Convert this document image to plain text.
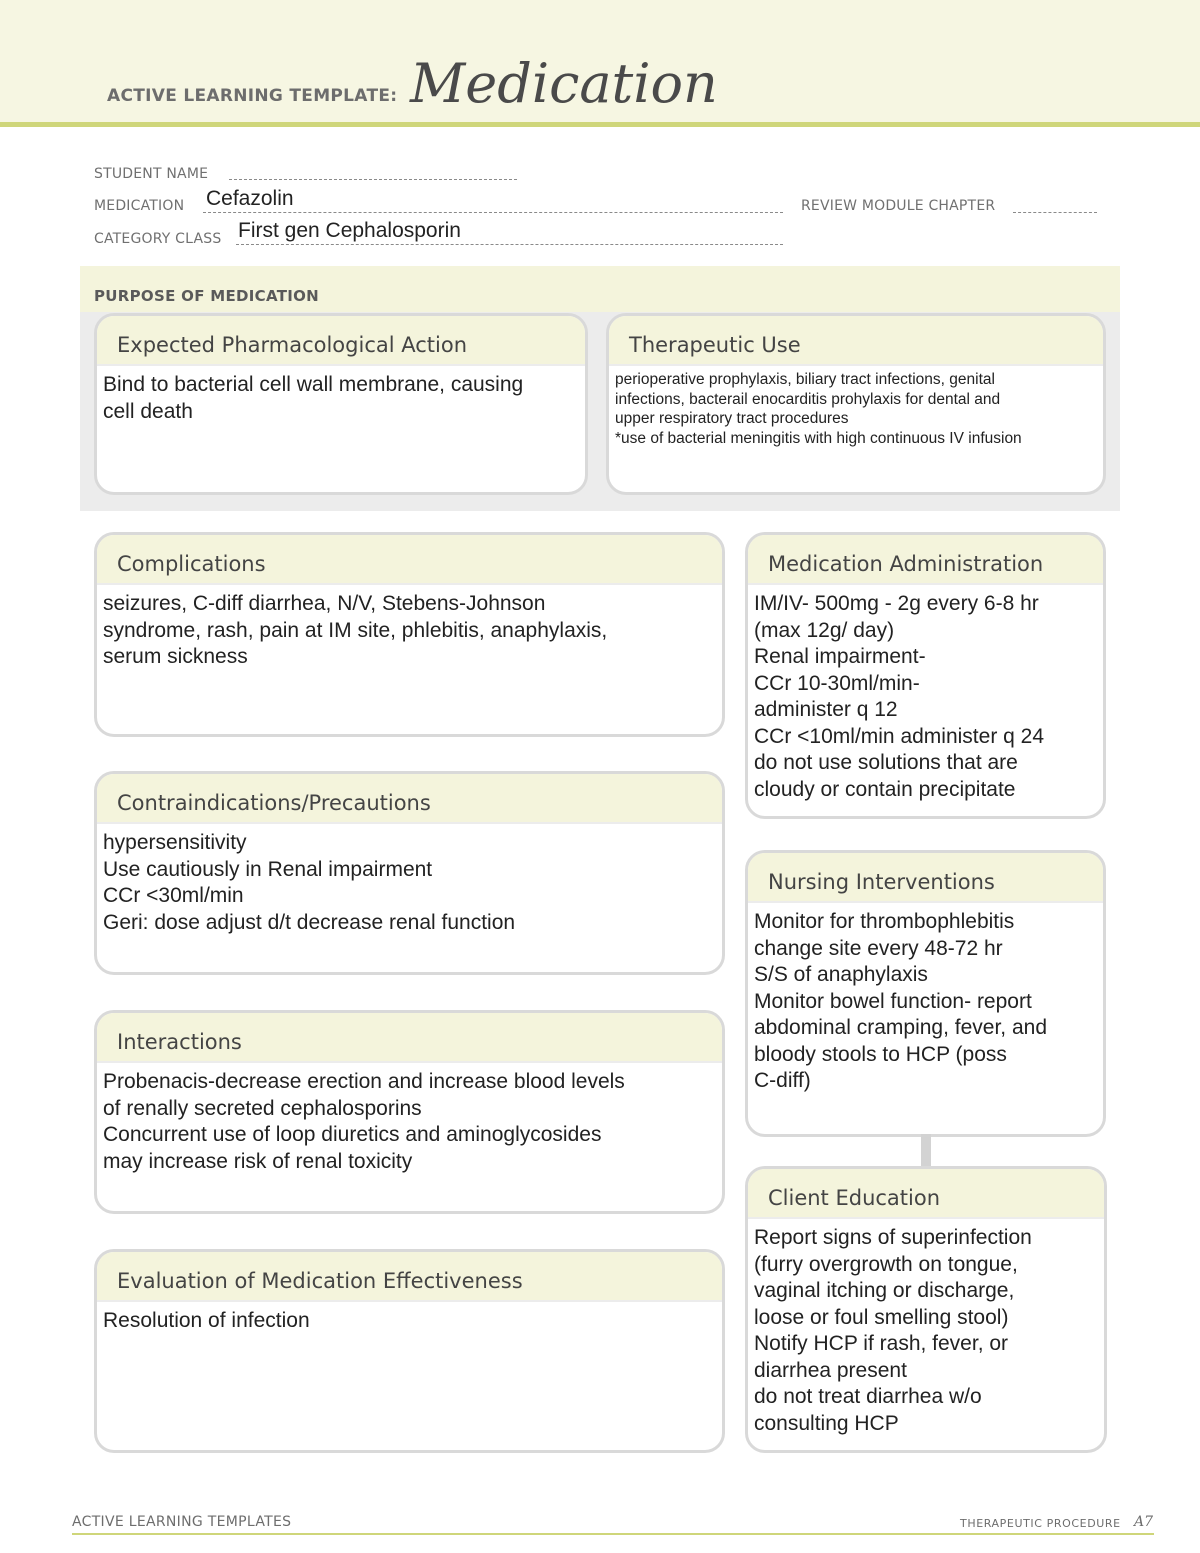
ACTIVE LEARNING TEMPLATE: Medication
STUDENT NAME
MEDICATION Cefazolin	REVIEW MODULE CHAPTER
CATEGORY CLASS First gen Cephalosporin
PURPOSE OF MEDICATION
Expected Pharmacological Action
Bind to bacterial cell wall membrane, causing
cell death
Therapeutic Use
perioperative prophylaxis, biliary tract infections, genital
infections, bacterail enocarditis prohylaxis for dental and
upper respiratory tract procedures
*use of bacterial meningitis with high continuous IV infusion
Complications
seizures, C-diff diarrhea, N/V, Stebens-Johnson
syndrome, rash, pain at IM site, phlebitis, anaphylaxis,
serum sickness
Contraindications/Precautions
hypersensitivity
Use cautiously in Renal impairment
CCr <30ml/min
Geri: dose adjust d/t decrease renal function
Interactions
Probenacis-decrease erection and increase blood levels
of renally secreted cephalosporins
Concurrent use of loop diuretics and aminoglycosides
may increase risk of renal toxicity
Evaluation of Medication Effectiveness
Resolution of infection
Medication Administration
IM/IV- 500mg - 2g every 6-8 hr
(max 12g/ day)
Renal impairment-
CCr 10-30ml/min-
administer q 12
CCr <10ml/min administer q 24
do not use solutions that are
cloudy or contain precipitate
Nursing Interventions
Monitor for thrombophlebitis
change site every 48-72 hr
S/S of anaphylaxis
Monitor bowel function- report
abdominal cramping, fever, and
bloody stools to HCP (poss
C-diff)
Client Education
Report signs of superinfection
(furry overgrowth on tongue,
vaginal itching or discharge,
loose or foul smelling stool)
Notify HCP if rash, fever, or
diarrhea present
do not treat diarrhea w/o
consulting HCP
ACTIVE LEARNING TEMPLATES	THERAPEUTIC PROCEDURE A7
